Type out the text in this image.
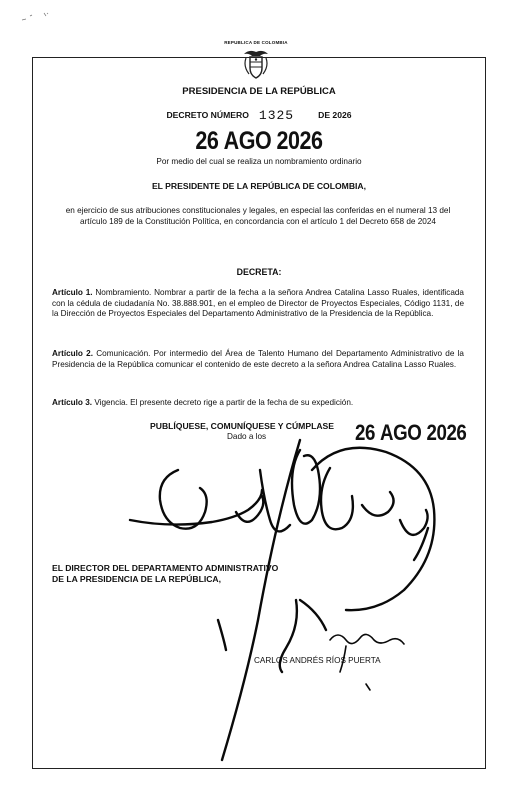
REPUBLICA DE COLOMBIA
PRESIDENCIA DE LA REPÚBLICA
DECRETO NÚMERO 1325	DE 2026
26 AGO 2026
Por medio del cual se realiza un nombramiento ordinario
EL PRESIDENTE DE LA REPÚBLICA DE COLOMBIA,
en ejercicio de sus atribuciones constitucionales y legales, en especial las conferidas en el numeral 13 del artículo 189 de la Constitución Política, en concordancia con el artículo 1 del Decreto 658 de 2024
DECRETA:
Artículo 1. Nombramiento. Nombrar a partir de la fecha a la señora Andrea Catalina Lasso Ruales, identificada con la cédula de ciudadanía No. 38.888.901, en el empleo de Director de Proyectos Especiales, Código 1131, de la Dirección de Proyectos Especiales del Departamento Administrativo de la Presidencia de la República.
Artículo 2. Comunicación. Por intermedio del Área de Talento Humano del Departamento Administrativo de la Presidencia de la República comunicar el contenido de este decreto a la señora Andrea Catalina Lasso Ruales.
Artículo 3. Vigencia. El presente decreto rige a partir de la fecha de su expedición.
PUBLÍQUESE, COMUNÍQUESE Y CÚMPLASE
Dado a los	26 AGO 2026
EL DIRECTOR DEL DEPARTAMENTO ADMINISTRATIVO
DE LA PRESIDENCIA DE LA REPÚBLICA,
CARLOS ANDRÉS RÍOS PUERTA
